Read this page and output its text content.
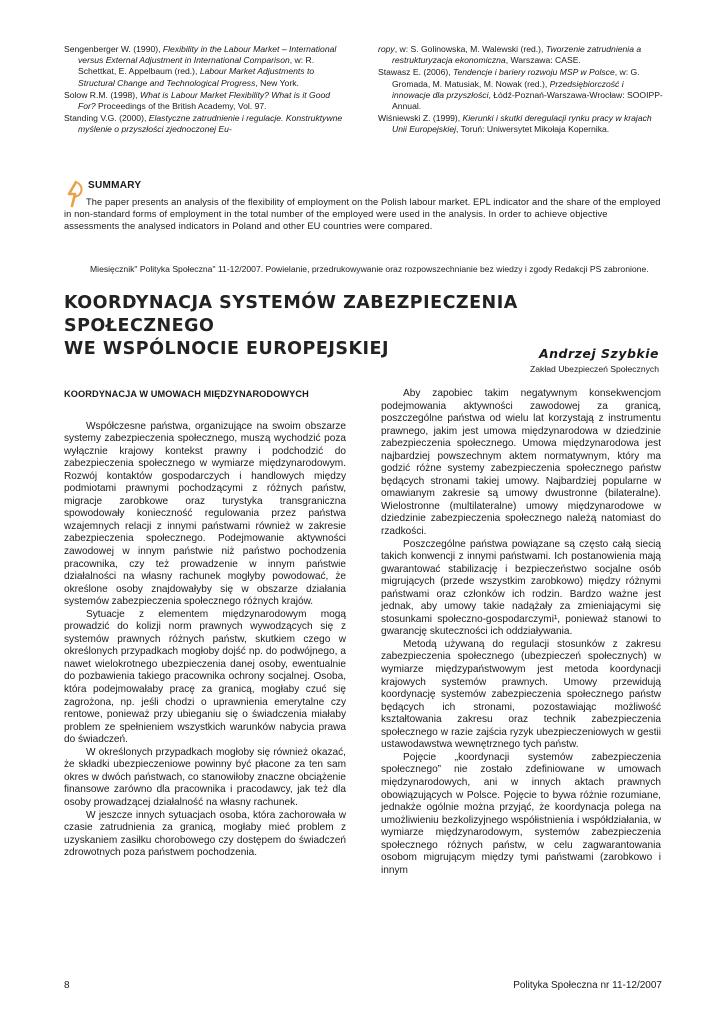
Sengenberger W. (1990), Flexibility in the Labour Market – International versus External Adjustment in International Comparison, w: R. Schettkat, E. Appelbaum (red.), Labour Market Adjustments to Structural Change and Technological Progress, New York.

Solow R.M. (1998), What is Labour Market Flexibility? What is it Good For? Proceedings of the British Academy, Vol. 97.

Standing V.G. (2000), Elastyczne zatrudnienie i regulacje. Konstruktywne myślenie o przyszłości zjednoczonej Eu-

ropy, w: S. Golinowska, M. Walewski (red.), Tworzenie zatrudnienia a restrukturyzacja ekonomiczna, Warszawa: CASE.

Stawasz E. (2006), Tendencje i bariery rozwoju MSP w Polsce, w: G. Gromada, M. Matusiak, M. Nowak (red.), Przedsiębiorczość i innowacje dla przyszłości, Łódź-Poznań-Warszawa-Wrocław: SOOIPP-Annual.

Wiśniewski Z. (1999), Kierunki i skutki deregulacji rynku pracy w krajach Unii Europejskiej, Toruń: Uniwersytet Mikołaja Kopernika.

SUMMARY

The paper presents an analysis of the flexibility of employment on the Polish labour market. EPL indicator and the share of the employed in non-standard forms of employment in the total number of the employed were used in the analysis. In order to achieve objective assessments the analysed indicators in Poland and other EU countries were compared.

Miesięcznik" Polityka Społeczna" 11-12/2007. Powielanie, przedrukowywanie oraz rozpowszechnianie bez wiedzy i zgody Redakcji PS zabronione.
KOORDYNACJA SYSTEMÓW ZABEZPIECZENIA SPOŁECZNEGO
WE WSPÓLNOCIE EUROPEJSKIEJ	Andrzej Szybkie
Zakład Ubezpieczeń Społecznych
KOORDYNACJA W UMOWACH MIĘDZYNARODOWYCH

Współczesne państwa, organizujące na swoim obszarze systemy zabezpieczenia społecznego, muszą wychodzić poza wyłącznie krajowy kontekst prawny i podchodzić do zabezpieczenia społecznego w wymiarze międzynarodowym. Rozwój kontaktów gospodarczych i handlowych między podmiotami prawnymi pochodzącymi z różnych państw, migracje zarobkowe oraz turystyka transgraniczna spowodowały konieczność regulowania przez państwa wzajemnych relacji z innymi państwami również w zakresie zabezpieczenia społecznego. Podejmowanie aktywności zawodowej w innym państwie niż państwo pochodzenia pracownika, czy też prowadzenie w innym państwie działalności na własny rachunek mogłyby powodować, że określone osoby znajdowałyby się w obszarze działania systemów zabezpieczenia społecznego różnych krajów.

Sytuacje z elementem międzynarodowym mogą prowadzić do kolizji norm prawnych wywodzących się z systemów prawnych różnych państw, skutkiem czego w określonych przypadkach mogłoby dojść np. do podwójnego, a nawet wielokrotnego ubezpieczenia danej osoby, ewentualnie do pozbawienia takiego pracownika ochrony socjalnej. Osoba, która podejmowałaby pracę za granicą, mogłaby czuć się zagrożona, np. jeśli chodzi o uprawnienia emerytalne czy rentowe, ponieważ przy ubieganiu się o świadczenia miałaby problem ze spełnieniem wszystkich warunków nabycia prawa do świadczeń.

W określonych przypadkach mogłoby się również okazać, że składki ubezpieczeniowe powinny być płacone za ten sam okres w dwóch państwach, co stanowiłoby znaczne obciążenie finansowe zarówno dla pracownika i pracodawcy, jak też dla osoby prowadzącej działalność na własny rachunek.

W jeszcze innych sytuacjach osoba, która zachorowała w czasie zatrudnienia za granicą, mogłaby mieć problem z uzyskaniem zasiłku chorobowego czy dostępem do świadczeń zdrowotnych poza państwem pochodzenia.

Aby zapobiec takim negatywnym konsekwencjom podejmowania aktywności zawodowej za granicą, poszczególne państwa od wielu lat korzystają z instrumentu prawnego, jakim jest umowa międzynarodowa w dziedzinie zabezpieczenia społecznego. Umowa międzynarodowa jest najbardziej powszechnym aktem normatywnym, który ma godzić różne systemy zabezpieczenia społecznego państw będących stronami takiej umowy. Najbardziej popularne w omawianym zakresie są umowy dwustronne (bilateralne). Wielostronne (multilateralne) umowy międzynarodowe w dziedzinie zabezpieczenia społecznego należą natomiast do rzadkości.

Poszczególne państwa powiązane są często całą siecią takich konwencji z innymi państwami. Ich postanowienia mają gwarantować stabilizację i bezpieczeństwo socjalne osób migrujących (przede wszystkim zarobkowo) między różnymi państwami oraz członków ich rodzin. Bardzo ważne jest jednak, aby umowy takie nadążały za zmieniającymi się stosunkami społeczno-gospodarczymi¹, ponieważ stanowi to gwarancję skuteczności ich oddziaływania.

Metodą używaną do regulacji stosunków z zakresu zabezpieczenia społecznego (ubezpieczeń społecznych) w wymiarze międzypaństwowym jest metoda koordynacji krajowych systemów prawnych. Umowy przewidują koordynację systemów zabezpieczenia społecznego państw będących ich stronami, pozostawiając możliwość kształtowania zakresu oraz technik zabezpieczenia społecznego w razie zajścia ryzyk ubezpieczeniowych w gestii ustawodawstwa wewnętrznego tych państw.

Pojęcie „koordynacji systemów zabezpieczenia społecznego” nie zostało zdefiniowane w umowach międzynarodowych, ani w innych aktach prawnych obowiązujących w Polsce. Pojęcie to bywa różnie rozumiane, jednakże ogólnie można przyjąć, że koordynacja polega na umożliwieniu bezkolizyjnego współistnienia i współdziałania, w wymiarze międzynarodowym, systemów zabezpieczenia społecznego różnych państw, w celu zagwarantowania osobom migrującym między tymi państwami (zarobkowo i innym

8	Polityka Społeczna nr 11-12/2007
